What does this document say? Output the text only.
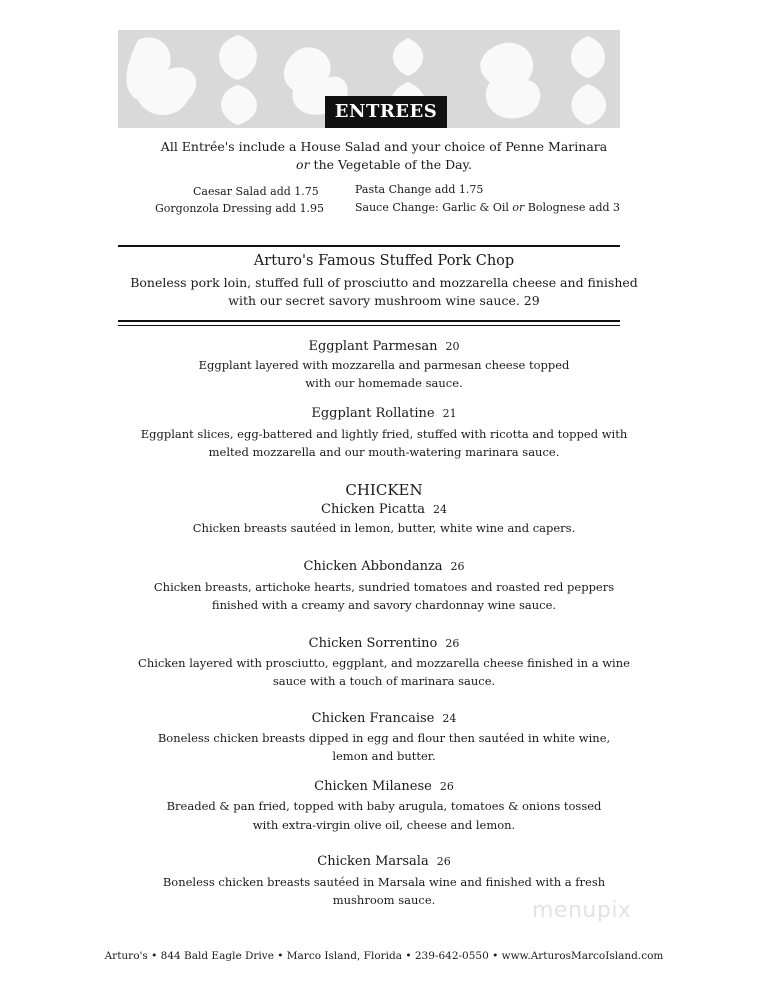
ENTREES
All Entrée's include a House Salad and your choice of Penne Marinara
or the Vegetable of the Day.
Caesar Salad add 1.75
Gorgonzola Dressing add 1.95
Pasta Change add 1.75
Sauce Change: Garlic & Oil or Bolognese add 3
Arturo's Famous Stuffed Pork Chop
Boneless pork loin, stuffed full of prosciutto and mozzarella cheese and finished
with our secret savory mushroom wine sauce. 29
Eggplant Parmesan 20
Eggplant layered with mozzarella and parmesan cheese topped
with our homemade sauce.
Eggplant Rollatine 21
Eggplant slices, egg-battered and lightly fried, stuffed with ricotta and topped with
melted mozzarella and our mouth-watering marinara sauce.
CHICKEN
Chicken Picatta 24
Chicken breasts sautéed in lemon, butter, white wine and capers.
Chicken Abbondanza 26
Chicken breasts, artichoke hearts, sundried tomatoes and roasted red peppers
finished with a creamy and savory chardonnay wine sauce.
Chicken Sorrentino 26
Chicken layered with prosciutto, eggplant, and mozzarella cheese finished in a wine
sauce with a touch of marinara sauce.
Chicken Francaise 24
Boneless chicken breasts dipped in egg and flour then sautéed in white wine,
lemon and butter.
Chicken Milanese 26
Breaded & pan fried, topped with baby arugula, tomatoes & onions tossed
with extra-virgin olive oil, cheese and lemon.
Chicken Marsala 26
Boneless chicken breasts sautéed in Marsala wine and finished with a fresh
mushroom sauce.	menupix
Arturo's • 844 Bald Eagle Drive • Marco Island, Florida • 239-642-0550 • www.ArturosMarcoIsland.com
